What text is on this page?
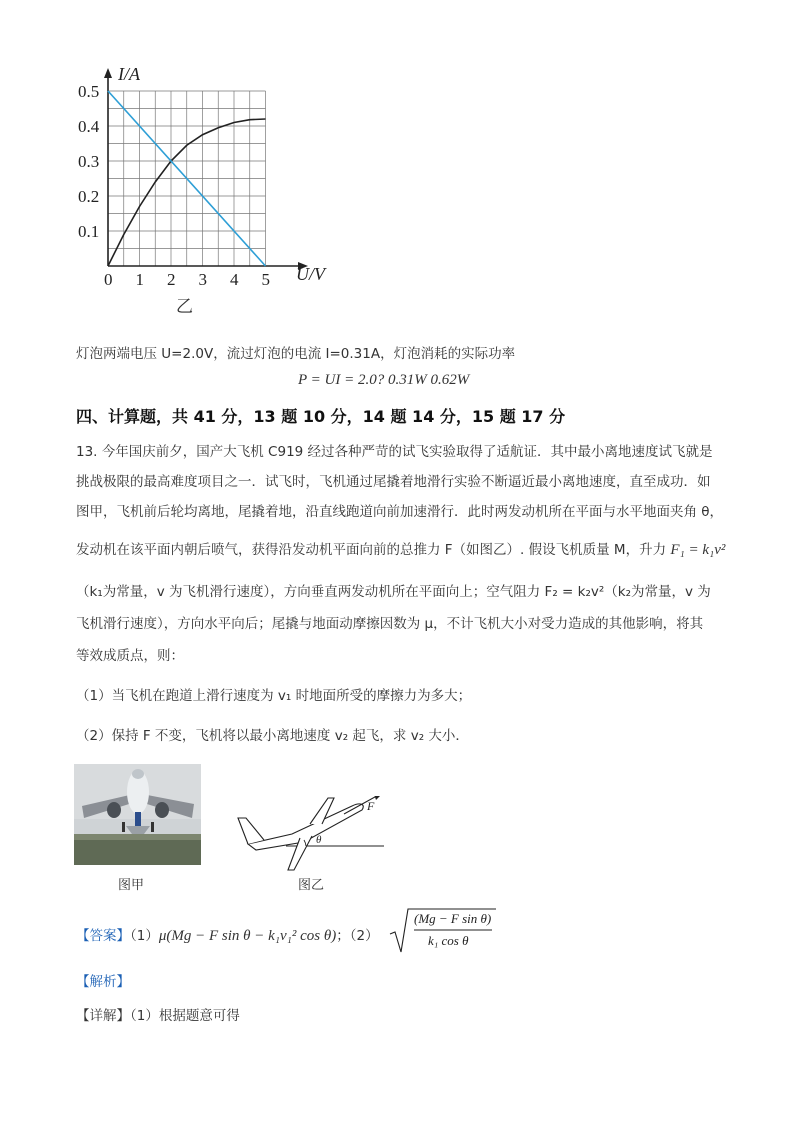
0.5
0.4
0.3
0.2
0.1
0 1 2 3 4 5
I/A
U/V
乙
灯泡两端电压 U=2.0V，流过灯泡的电流 I=0.31A，灯泡消耗的实际功率
P = UI = 2.0? 0.31W 0.62W
四、计算题，共 41 分，13 题 10 分，14 题 14 分，15 题 17 分
13. 今年国庆前夕，国产大飞机 C919 经过各种严苛的试飞实验取得了适航证．其中最小离地速度试飞就是
挑战极限的最高难度项目之一．试飞时，飞机通过尾撬着地滑行实验不断逼近最小离地速度，直至成功．如
图甲，飞机前后轮均离地，尾撬着地，沿直线跑道向前加速滑行．此时两发动机所在平面与水平地面夹角 θ，
发动机在该平面内朝后喷气，获得沿发动机平面向前的总推力 F（如图乙）. 假设飞机质量 M，升力 F₁ = k₁v²
（k₁为常量，v 为飞机滑行速度），方向垂直两发动机所在平面向上；空气阻力 F₂ = k₂v²（k₂为常量，v 为
飞机滑行速度），方向水平向后；尾撬与地面动摩擦因数为 μ，不计飞机大小对受力造成的其他影响，将其
等效成质点，则：
（1）当飞机在跑道上滑行速度为 v₁ 时地面所受的摩擦力为多大；
（2）保持 F 不变，飞机将以最小离地速度 v₂ 起飞，求 v₂ 大小．
图甲
F
θ
图乙
【答案】（1）μ(Mg − F sin θ − k₁v₁² cos θ)；（2）
(Mg − F sin θ)
k₁ cos θ
【解析】
【详解】（1）根据题意可得
